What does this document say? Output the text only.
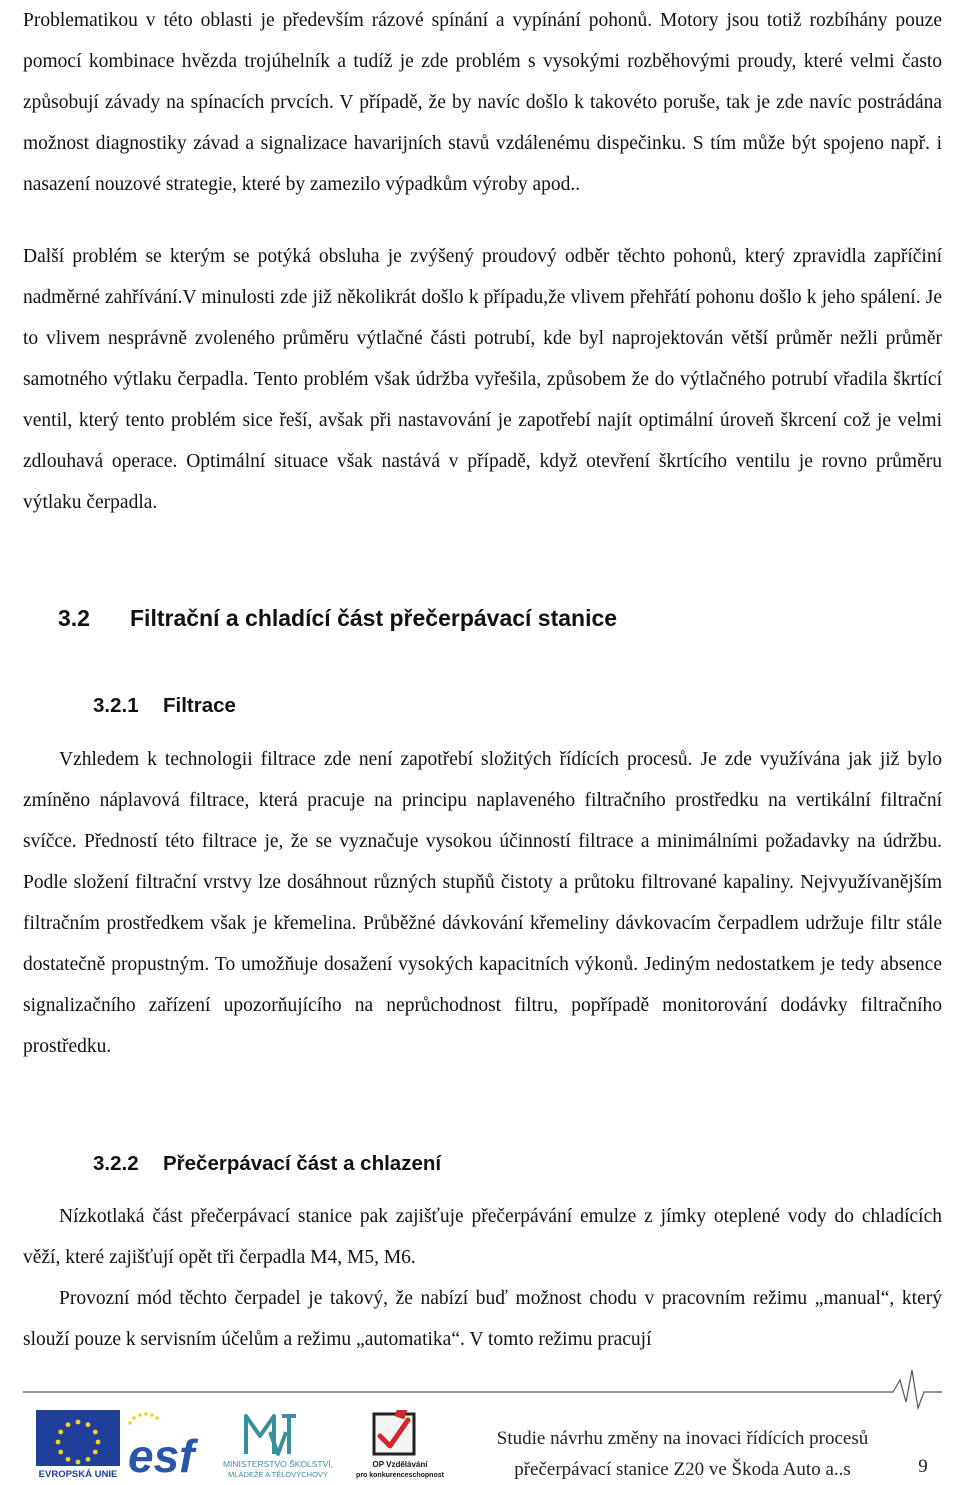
Problematikou v této oblasti je především rázové spínání a vypínání pohonů. Motory jsou totiž rozbíhány pouze pomocí kombinace hvězda trojúhelník a tudíž je zde problém s vysokými rozběhovými proudy, které velmi často způsobují závady na spínacích prvcích. V případě, že by navíc došlo k takovéto poruše, tak je zde navíc postrádána možnost diagnostiky závad a signalizace havarijních stavů vzdálenému dispečinku. S tím může být spojeno např. i nasazení nouzové strategie, které by zamezilo výpadkům výroby apod..

Další problém se kterým se potýká obsluha je zvýšený proudový odběr těchto pohonů, který zpravidla zapříčiní nadměrné zahřívání.V minulosti zde již několikrát došlo k případu,že vlivem přehřátí pohonu došlo k jeho spálení. Je to vlivem nesprávně zvoleného průměru výtlačné části potrubí, kde byl naprojektován větší průměr nežli průměr samotného výtlaku čerpadla. Tento problém však údržba vyřešila, způsobem že do výtlačného potrubí vřadila škrtící ventil, který tento problém sice řeší, avšak při nastavování je zapotřebí najít optimální úroveň škrcení což je velmi zdlouhavá operace. Optimální situace však nastává v případě, když otevření škrtícího ventilu je rovno průměru výtlaku čerpadla.

3.2 Filtrační a chladící část přečerpávací stanice
3.2.1 Filtrace

Vzhledem k technologii filtrace zde není zapotřebí složitých řídících procesů. Je zde využívána jak již bylo zmíněno náplavová filtrace, která pracuje na principu naplaveného filtračního prostředku na vertikální filtrační svíčce. Předností této filtrace je, že se vyznačuje vysokou účinností filtrace a minimálními požadavky na údržbu. Podle složení filtrační vrstvy lze dosáhnout různých stupňů čistoty a průtoku filtrované kapaliny. Nejvyužívanějším filtračním prostředkem však je křemelina. Průběžné dávkování křemeliny dávkovacím čerpadlem udržuje filtr stále dostatečně propustným. To umožňuje dosažení vysokých kapacitních výkonů. Jediným nedostatkem je tedy absence signalizačního zařízení upozorňujícího na neprůchodnost filtru, popřípadě monitorování dodávky filtračního prostředku.

3.2.2 Přečerpávací část a chlazení

Nízkotlaká část přečerpávací stanice pak zajišťuje přečerpávání emulze z jímky oteplené vody do chladících věží, které zajišťují opět tři čerpadla M4, M5, M6.

Provozní mód těchto čerpadel je takový, že nabízí buď možnost chodu v pracovním režimu „manual“, který slouží pouze k servisním účelům a režimu „automatika“. V tomto režimu pracují

EVROPSKÁ UNIE esf	MINISTERSTVO ŠKOLSTVÍ,
MLÁDEŽE A TĚLOVÝCHOVY
OP Vzdělávání
pro konkurenceschopnost
Studie návrhu změny na inovaci řídících procesů
přečerpávací stanice Z20 ve Škoda Auto a..s	9
